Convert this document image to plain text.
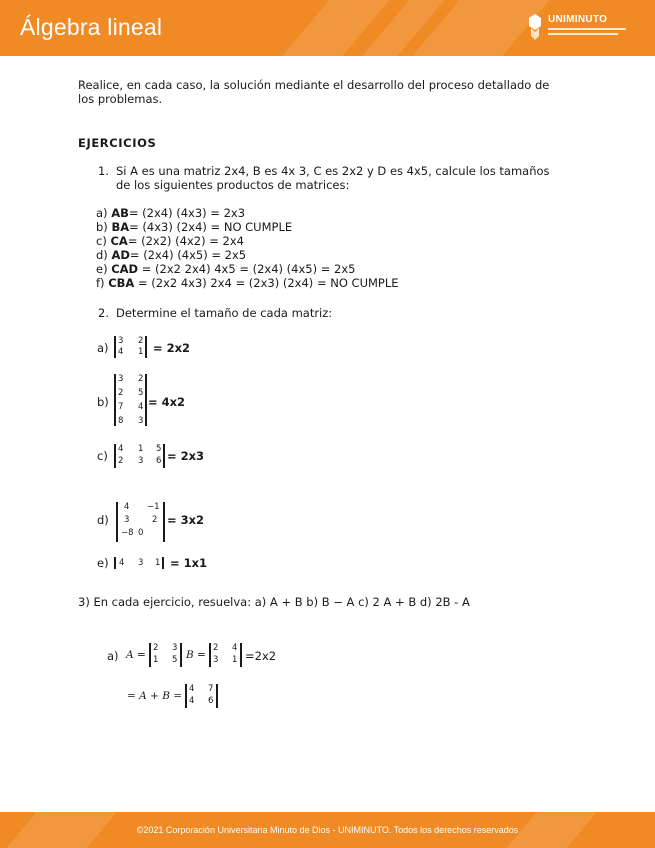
Álgebra lineal	UNIMINUTO
Realice, en cada caso, la solución mediante el desarrollo del proceso detallado de
los problemas.
EJERCICIOS
1. Si A es una matriz 2x4, B es 4x 3, C es 2x2 y D es 4x5, calcule los tamaños
de los siguientes productos de matrices:
a) AB= (2x4) (4x3) = 2x3
b) BA= (4x3) (2x4) = NO CUMPLE
c) CA= (2x2) (4x2) = 2x4
d) AD= (2x4) (4x5) = 2x5
e) CAD = (2x2 2x4) 4x5 = (2x4) (4x5) = 2x5
f) CBA = (2x2 4x3) 2x4 = (2x3) (2x4) = NO CUMPLE
2. Determine el tamaño de cada matriz:
a) 3 2
4 1 = 2x2
b)
3 2
2 5
7 4
8 3
= 4x2
c) 4 1 5
2 3 6 = 2x3
d)
4 −1
3	2
−8 0
= 3x2
e) 4 3 1 = 1x1
3) En cada ejercicio, resuelva: a) A + B b) B − A c) 2 A + B d) 2B - A
a) A =
2 3
1 5 B =
2 4
3 1 =2x2
= A + B =
4 7
4 6
©2021 Corporación Universitaria Minuto de Dios - UNIMINUTO. Todos los derechos reservados
